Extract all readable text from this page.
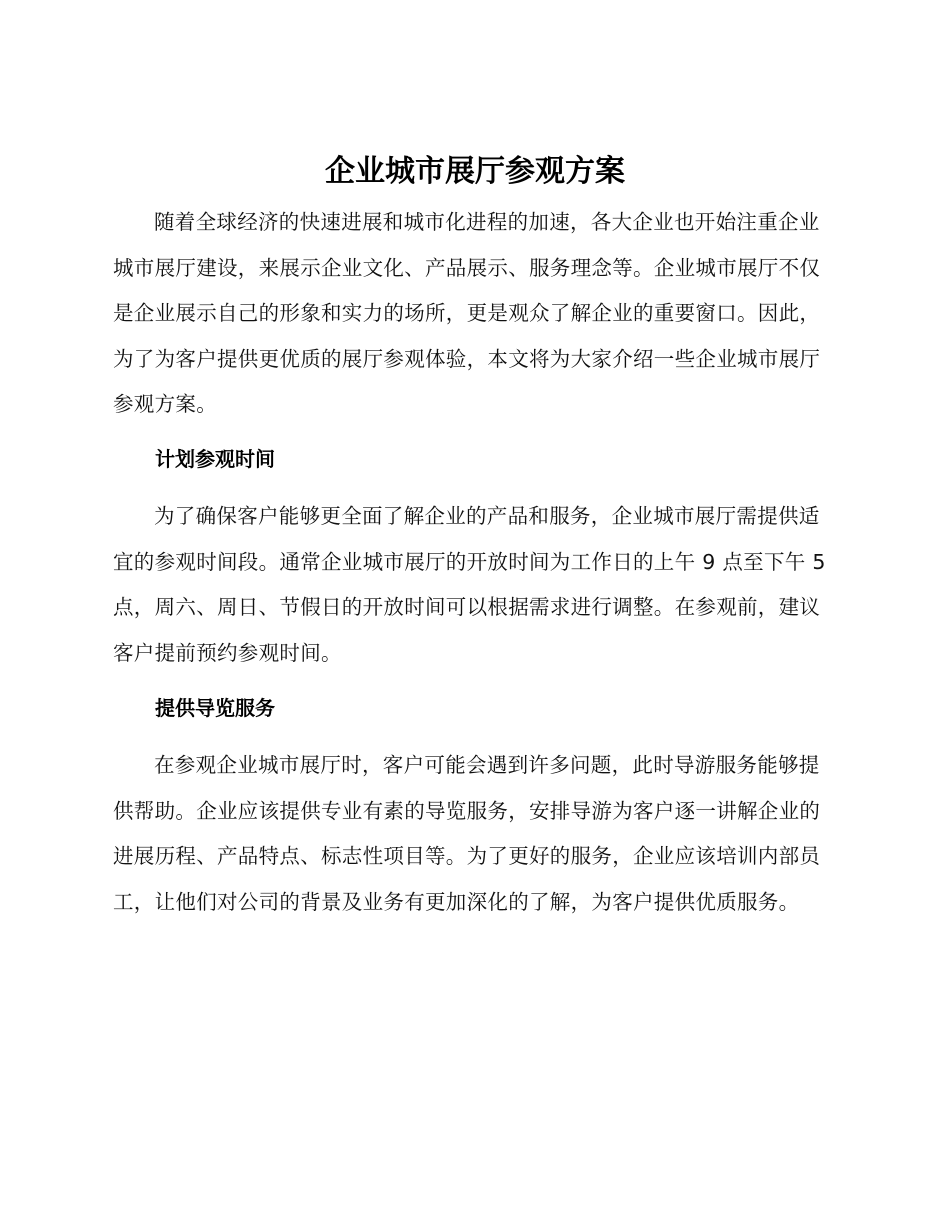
企业城市展厅参观方案

随着全球经济的快速进展和城市化进程的加速，各大企业也开始注重企业城市展厅建设，来展示企业文化、产品展示、服务理念等。企业城市展厅不仅是企业展示自己的形象和实力的场所，更是观众了解企业的重要窗口。因此，为了为客户提供更优质的展厅参观体验，本文将为大家介绍一些企业城市展厅参观方案。

计划参观时间

为了确保客户能够更全面了解企业的产品和服务，企业城市展厅需提供适宜的参观时间段。通常企业城市展厅的开放时间为工作日的上午 9 点至下午 5 点，周六、周日、节假日的开放时间可以根据需求进行调整。在参观前，建议客户提前预约参观时间。

提供导览服务

在参观企业城市展厅时，客户可能会遇到许多问题，此时导游服务能够提供帮助。企业应该提供专业有素的导览服务，安排导游为客户逐一讲解企业的进展历程、产品特点、标志性项目等。为了更好的服务，企业应该培训内部员工，让他们对公司的背景及业务有更加深化的了解，为客户提供优质服务。
